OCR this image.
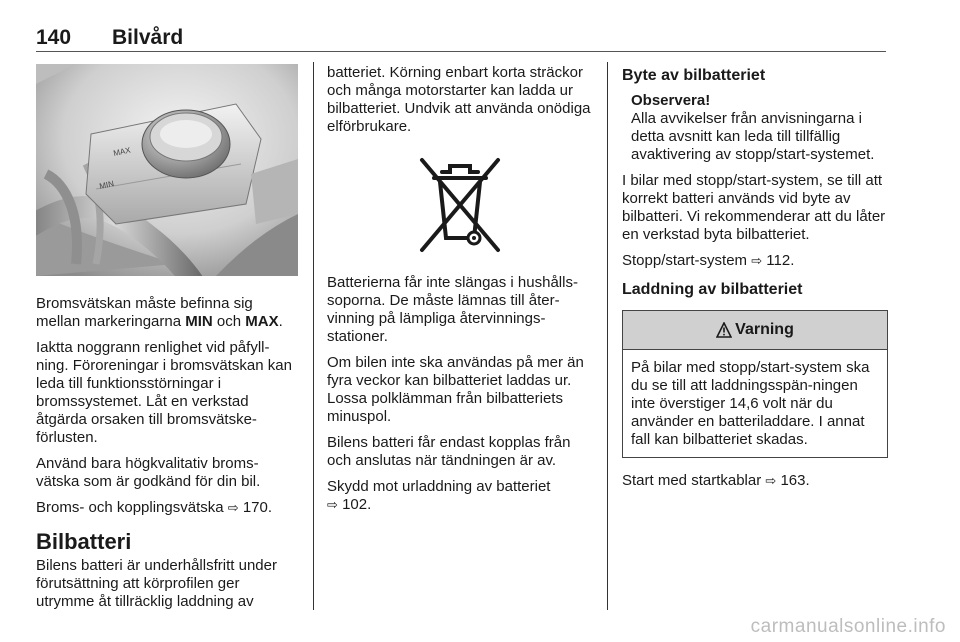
140 Bilvård
MAX
MIN

Bromsvätskan måste befinna sig mellan markeringarna MIN och MAX.

Iaktta noggrann renlighet vid påfyll-ning. Föroreningar i bromsvätskan kan leda till funktionsstörningar i bromssystemet. Låt en verkstad åtgärda orsaken till bromsvätske-förlusten.

Använd bara högkvalitativ broms-vätska som är godkänd för din bil.

Broms- och kopplingsvätska ⇨ 170.

Bilbatteri

Bilens batteri är underhållsfritt under förutsättning att körprofilen ger utrymme åt tillräcklig laddning av

batteriet. Körning enbart korta sträckor och många motorstarter kan ladda ur bilbatteriet. Undvik att använda onödiga elförbrukare.

Batterierna får inte slängas i hushålls-soporna. De måste lämnas till åter-vinning på lämpliga återvinnings-stationer.

Om bilen inte ska användas på mer än fyra veckor kan bilbatteriet laddas ur. Lossa polklämman från bilbatteriets minuspol.

Bilens batteri får endast kopplas från och anslutas när tändningen är av.

Skydd mot urladdning av batteriet
⇨ 102.

Byte av bilbatteriet
Observera!
Alla avvikelser från anvisningarna i detta avsnitt kan leda till tillfällig avaktivering av stopp/start-systemet.

I bilar med stopp/start-system, se till att korrekt batteri används vid byte av bilbatteri. Vi rekommenderar att du låter en verkstad byta bilbatteriet.

Stopp/start-system ⇨ 112.

Laddning av bilbatteriet
Varning

På bilar med stopp/start-system ska du se till att laddningsspän-ningen inte överstiger 14,6 volt när du använder en batteriladdare. I annat fall kan bilbatteriet skadas.

Start med startkablar ⇨ 163.

carmanualsonline.info
